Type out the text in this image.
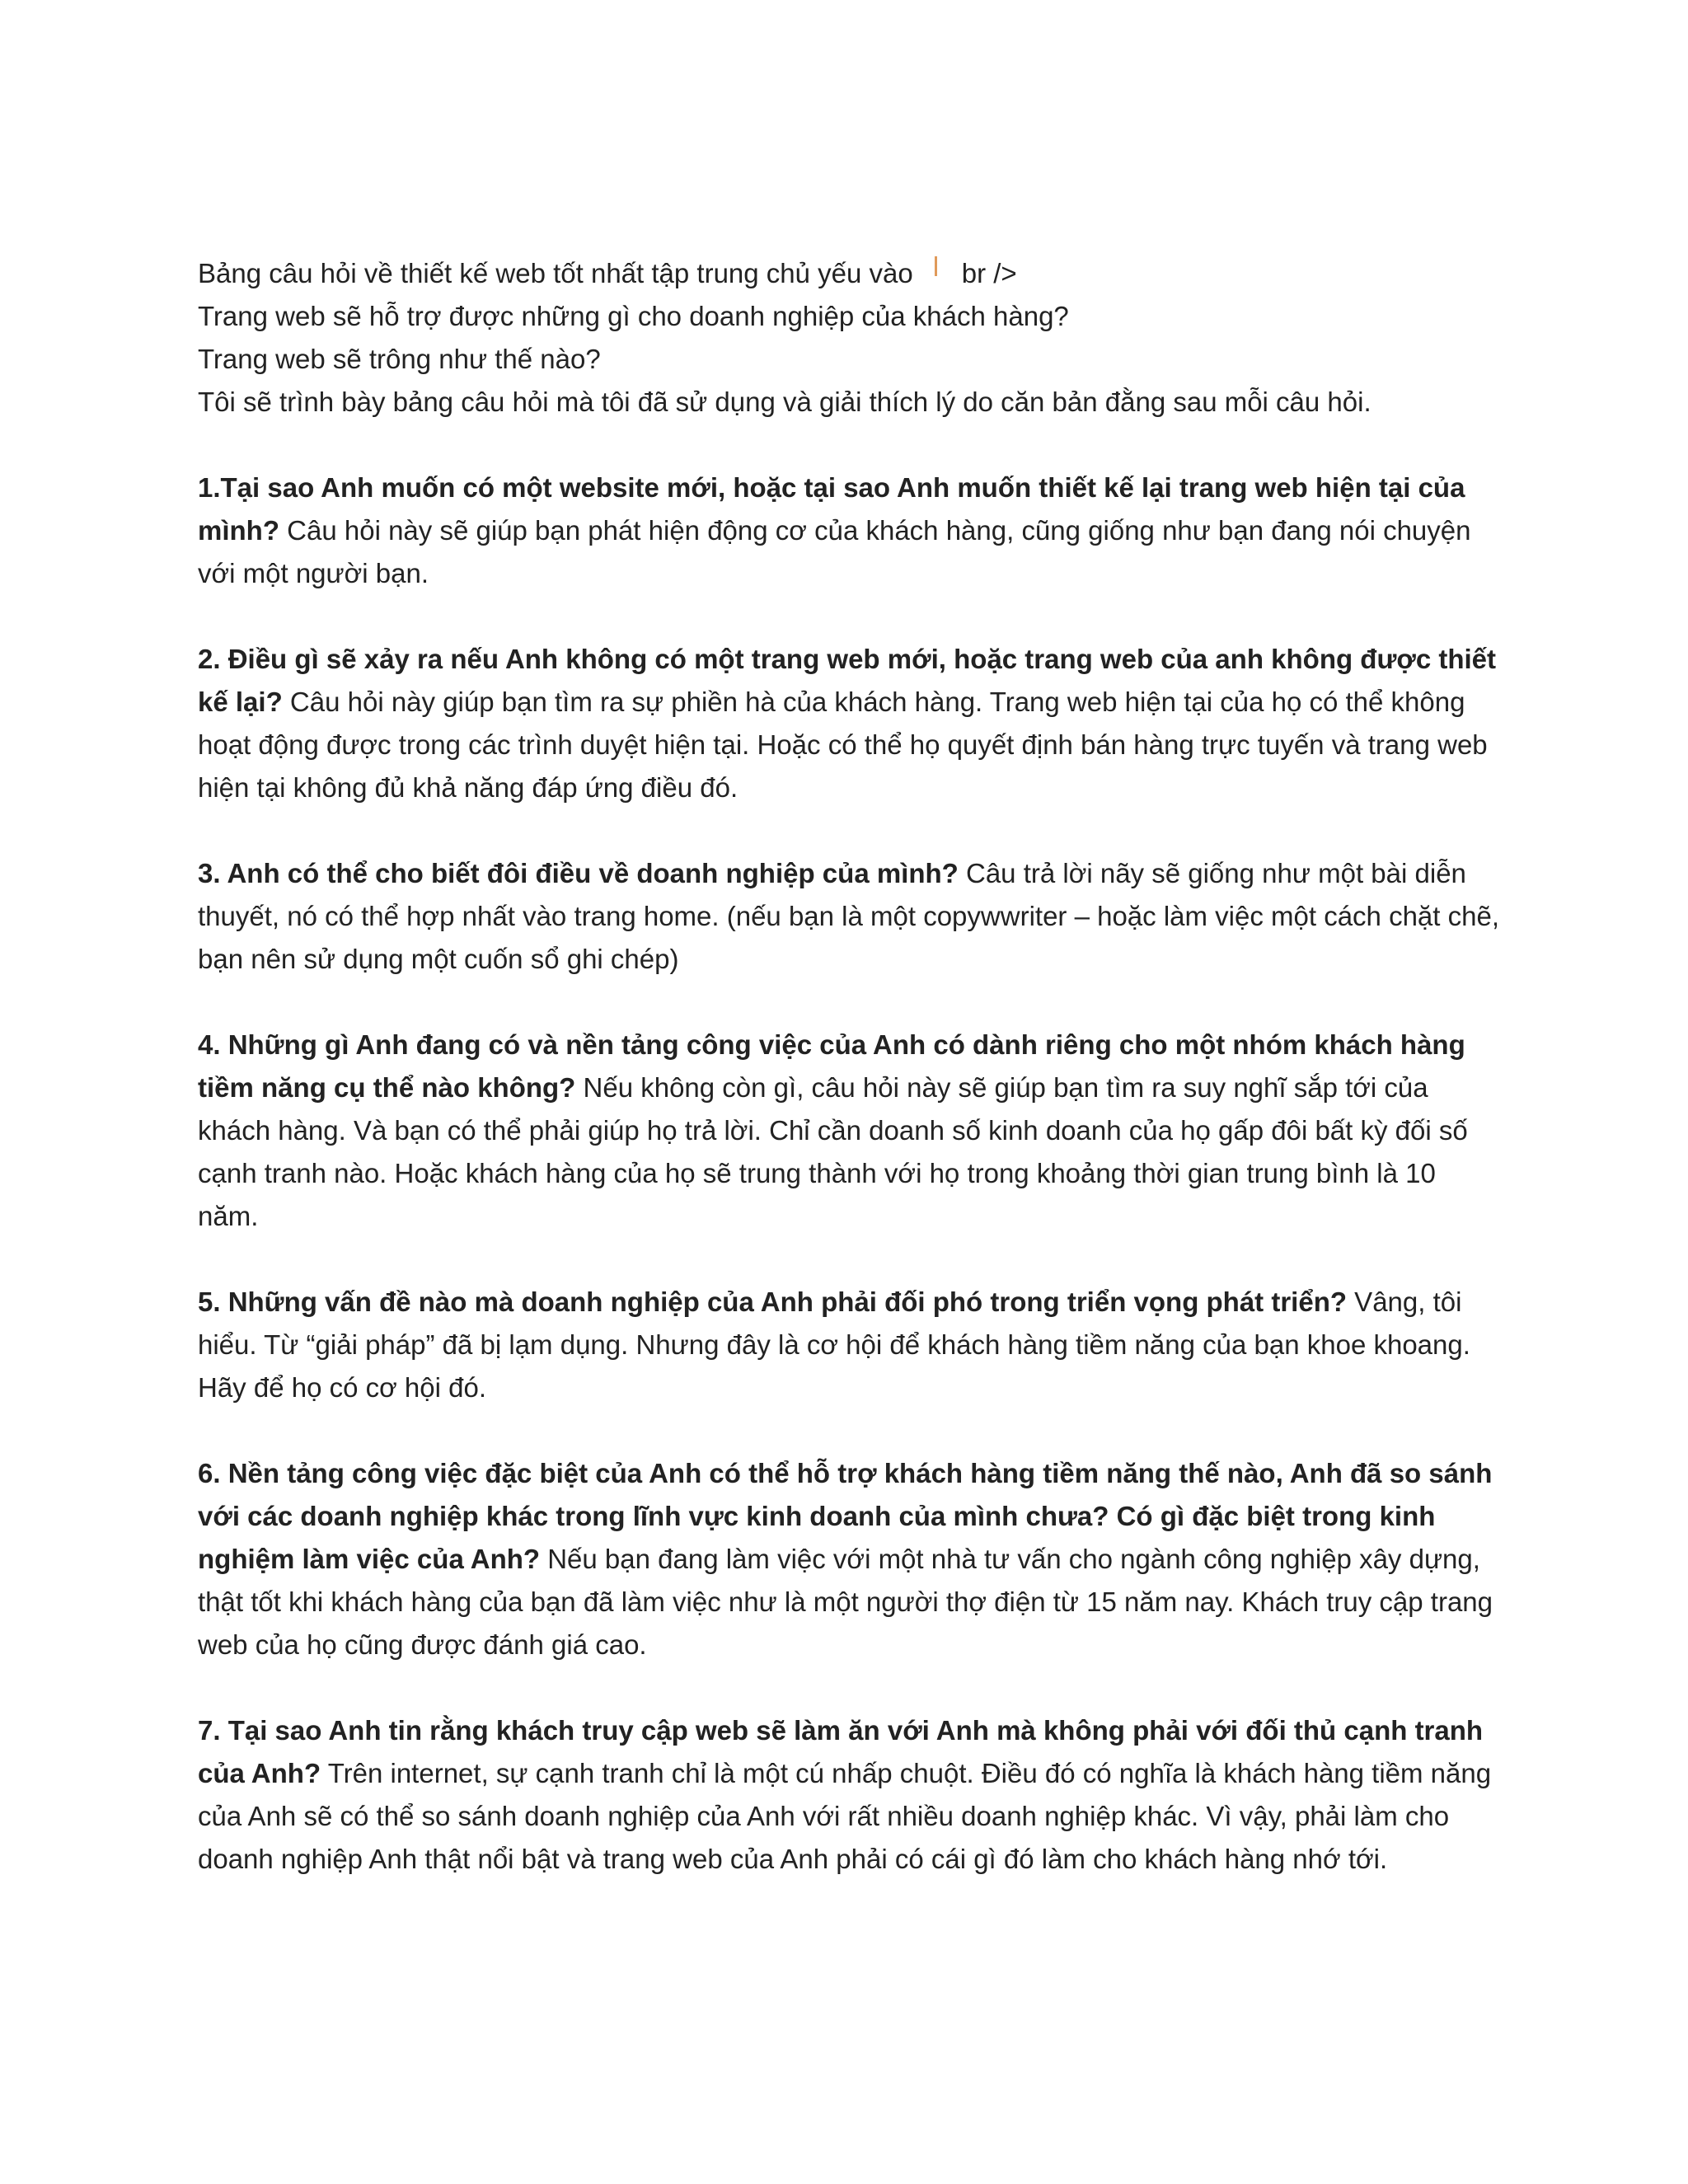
Bảng câu hỏi về thiết kế web tốt nhất tập trung chủ yếu vào br />
Trang web sẽ hỗ trợ được những gì cho doanh nghiệp của khách hàng?
Trang web sẽ trông như thế nào?
Tôi sẽ trình bày bảng câu hỏi mà tôi đã sử dụng và giải thích lý do căn bản đằng sau mỗi câu hỏi.

1.Tại sao Anh muốn có một website mới, hoặc tại sao Anh muốn thiết kế lại trang web hiện tại của mình? Câu hỏi này sẽ giúp bạn phát hiện động cơ của khách hàng, cũng giống như bạn đang nói chuyện với một người bạn.

2. Điều gì sẽ xảy ra nếu Anh không có một trang web mới, hoặc trang web của anh không được thiết kế lại? Câu hỏi này giúp bạn tìm ra sự phiền hà của khách hàng. Trang web hiện tại của họ có thể không hoạt động được trong các trình duyệt hiện tại. Hoặc có thể họ quyết định bán hàng trực tuyến và trang web hiện tại không đủ khả năng đáp ứng điều đó.

3. Anh có thể cho biết đôi điều về doanh nghiệp của mình? Câu trả lời nãy sẽ giống như một bài diễn thuyết, nó có thể hợp nhất vào trang home. (nếu bạn là một copywwriter – hoặc làm việc một cách chặt chẽ, bạn nên sử dụng một cuốn sổ ghi chép)

4. Những gì Anh đang có và nền tảng công việc của Anh có dành riêng cho một nhóm khách hàng tiềm năng cụ thể nào không? Nếu không còn gì, câu hỏi này sẽ giúp bạn tìm ra suy nghĩ sắp tới của khách hàng. Và bạn có thể phải giúp họ trả lời. Chỉ cần doanh số kinh doanh của họ gấp đôi bất kỳ đối số cạnh tranh nào. Hoặc khách hàng của họ sẽ trung thành với họ trong khoảng thời gian trung bình là 10 năm.

5. Những vấn đề nào mà doanh nghiệp của Anh phải đối phó trong triển vọng phát triển? Vâng, tôi hiểu. Từ “giải pháp” đã bị lạm dụng. Nhưng đây là cơ hội để khách hàng tiềm năng của bạn khoe khoang. Hãy để họ có cơ hội đó.

6. Nền tảng công việc đặc biệt của Anh có thể hỗ trợ khách hàng tiềm năng thế nào, Anh đã so sánh với các doanh nghiệp khác trong lĩnh vực kinh doanh của mình chưa? Có gì đặc biệt trong kinh nghiệm làm việc của Anh? Nếu bạn đang làm việc với một nhà tư vấn cho ngành công nghiệp xây dựng, thật tốt khi khách hàng của bạn đã làm việc như là một người thợ điện từ 15 năm nay. Khách truy cập trang web của họ cũng được đánh giá cao.

7. Tại sao Anh tin rằng khách truy cập web sẽ làm ăn với Anh mà không phải với đối thủ cạnh tranh của Anh? Trên internet, sự cạnh tranh chỉ là một cú nhấp chuột. Điều đó có nghĩa là khách hàng tiềm năng của Anh sẽ có thể so sánh doanh nghiệp của Anh với rất nhiều doanh nghiệp khác. Vì vậy, phải làm cho doanh nghiệp Anh thật nổi bật và trang web của Anh phải có cái gì đó làm cho khách hàng nhớ tới.
